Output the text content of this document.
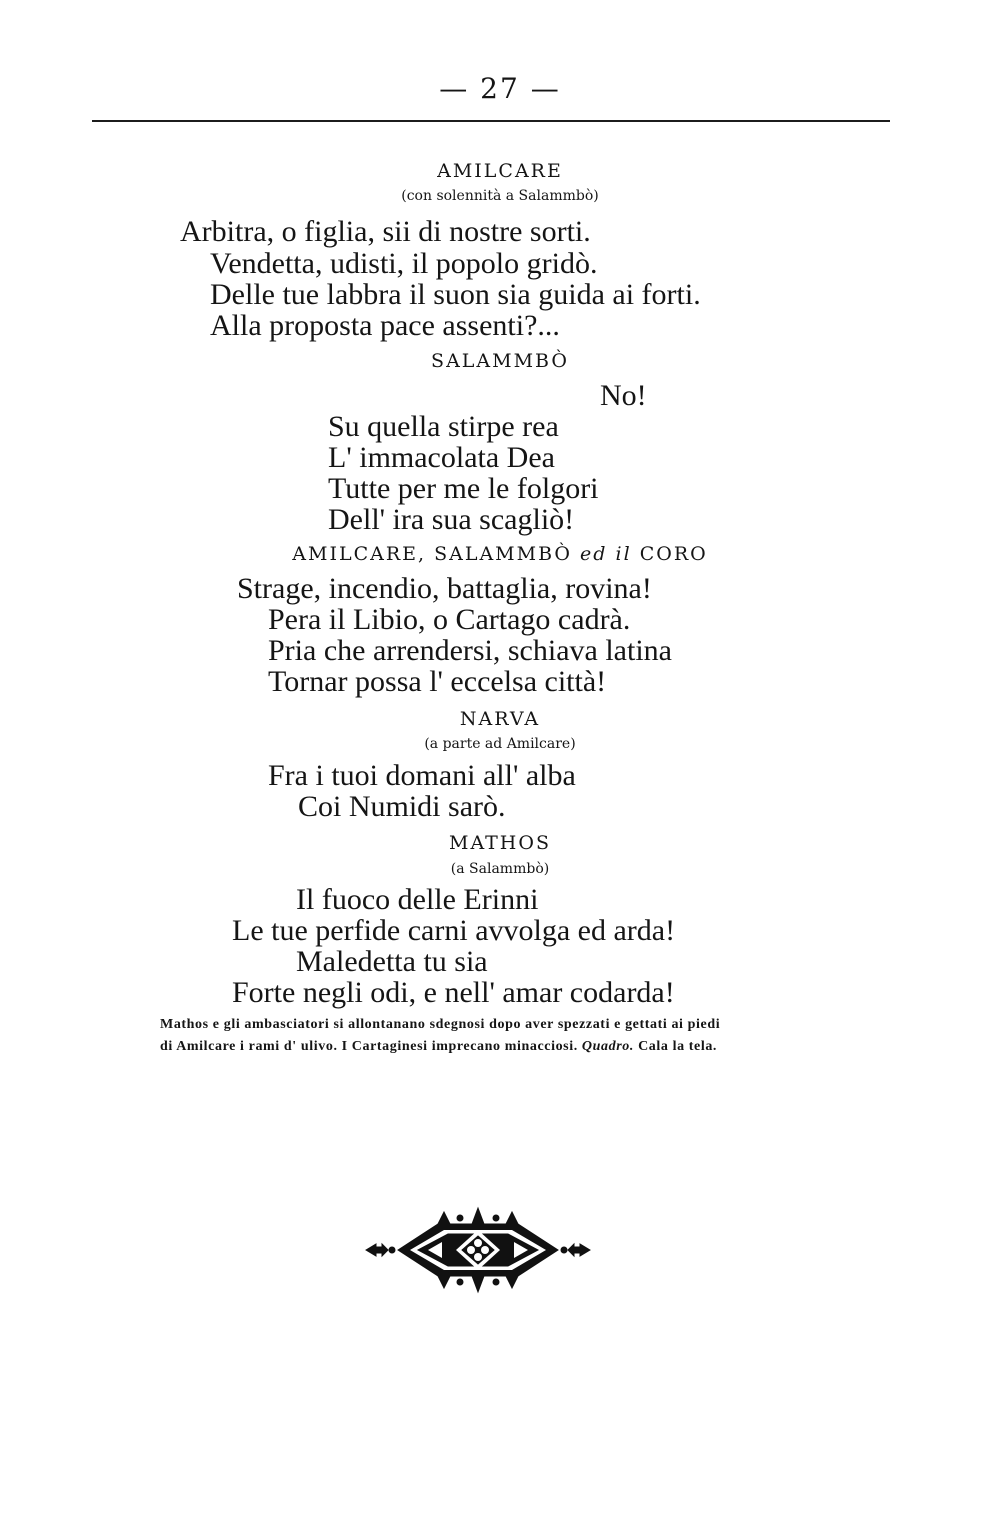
— 27 —
AMILCARE
(con solennità a Salammbò)
Arbitra, o figlia, sii di nostre sorti.
Vendetta, udisti, il popolo gridò.
Delle tue labbra il suon sia guida ai forti.
Alla proposta pace assenti?...
SALAMMBÒ
No!
Su quella stirpe rea
L' immacolata Dea
Tutte per me le folgori
Dell' ira sua scagliò!
AMILCARE, SALAMMBÒ ed il CORO
Strage, incendio, battaglia, rovina!
Pera il Libio, o Cartago cadrà.
Pria che arrendersi, schiava latina
Tornar possa l' eccelsa città!
NARVA
(a parte ad Amilcare)
Fra i tuoi domani all' alba
Coi Numidi sarò.
MATHOS
(a Salammbò)
Il fuoco delle Erinni
Le tue perfide carni avvolga ed arda!
Maledetta tu sia
Forte negli odi, e nell' amar codarda!
Mathos e gli ambasciatori si allontanano sdegnosi dopo aver spezzati e gettati ai piedi
di Amilcare i rami d' ulivo. I Cartaginesi imprecano minacciosi. Quadro. Cala la tela.
